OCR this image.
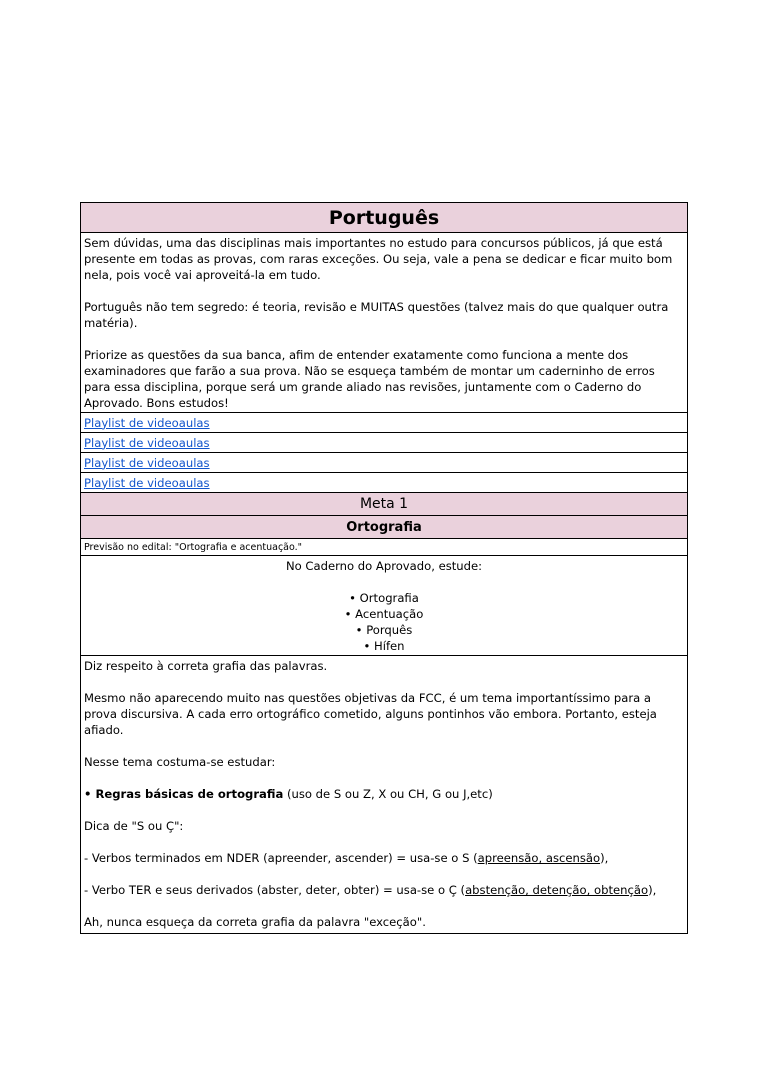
Português

Sem dúvidas, uma das disciplinas mais importantes no estudo para concursos públicos, já que está presente em todas as provas, com raras exceções. Ou seja, vale a pena se dedicar e ficar muito bom nela, pois você vai aproveitá-la em tudo.

Português não tem segredo: é teoria, revisão e MUITAS questões (talvez mais do que qualquer outra matéria).

Priorize as questões da sua banca, afim de entender exatamente como funciona a mente dos examinadores que farão a sua prova. Não se esqueça também de montar um caderninho de erros para essa disciplina, porque será um grande aliado nas revisões, juntamente com o Caderno do Aprovado. Bons estudos!

Playlist de videoaulas
Playlist de videoaulas
Playlist de videoaulas
Playlist de videoaulas
Meta 1
Ortografia
Previsão no edital: "Ortografia e acentuação."
No Caderno do Aprovado, estude:
• Ortografia
• Acentuação
• Porquês
• Hífen

Diz respeito à correta grafia das palavras.

Mesmo não aparecendo muito nas questões objetivas da FCC, é um tema importantíssimo para a prova discursiva. A cada erro ortográfico cometido, alguns pontinhos vão embora. Portanto, esteja afiado.

Nesse tema costuma-se estudar:

• Regras básicas de ortografia (uso de S ou Z, X ou CH, G ou J,etc)

Dica de "S ou Ç":

- Verbos terminados em NDER (apreender, ascender) = usa-se o S (apreensão, ascensão),

- Verbo TER e seus derivados (abster, deter, obter) = usa-se o Ç (abstenção, detenção, obtenção),

Ah, nunca esqueça da correta grafia da palavra "exceção".
